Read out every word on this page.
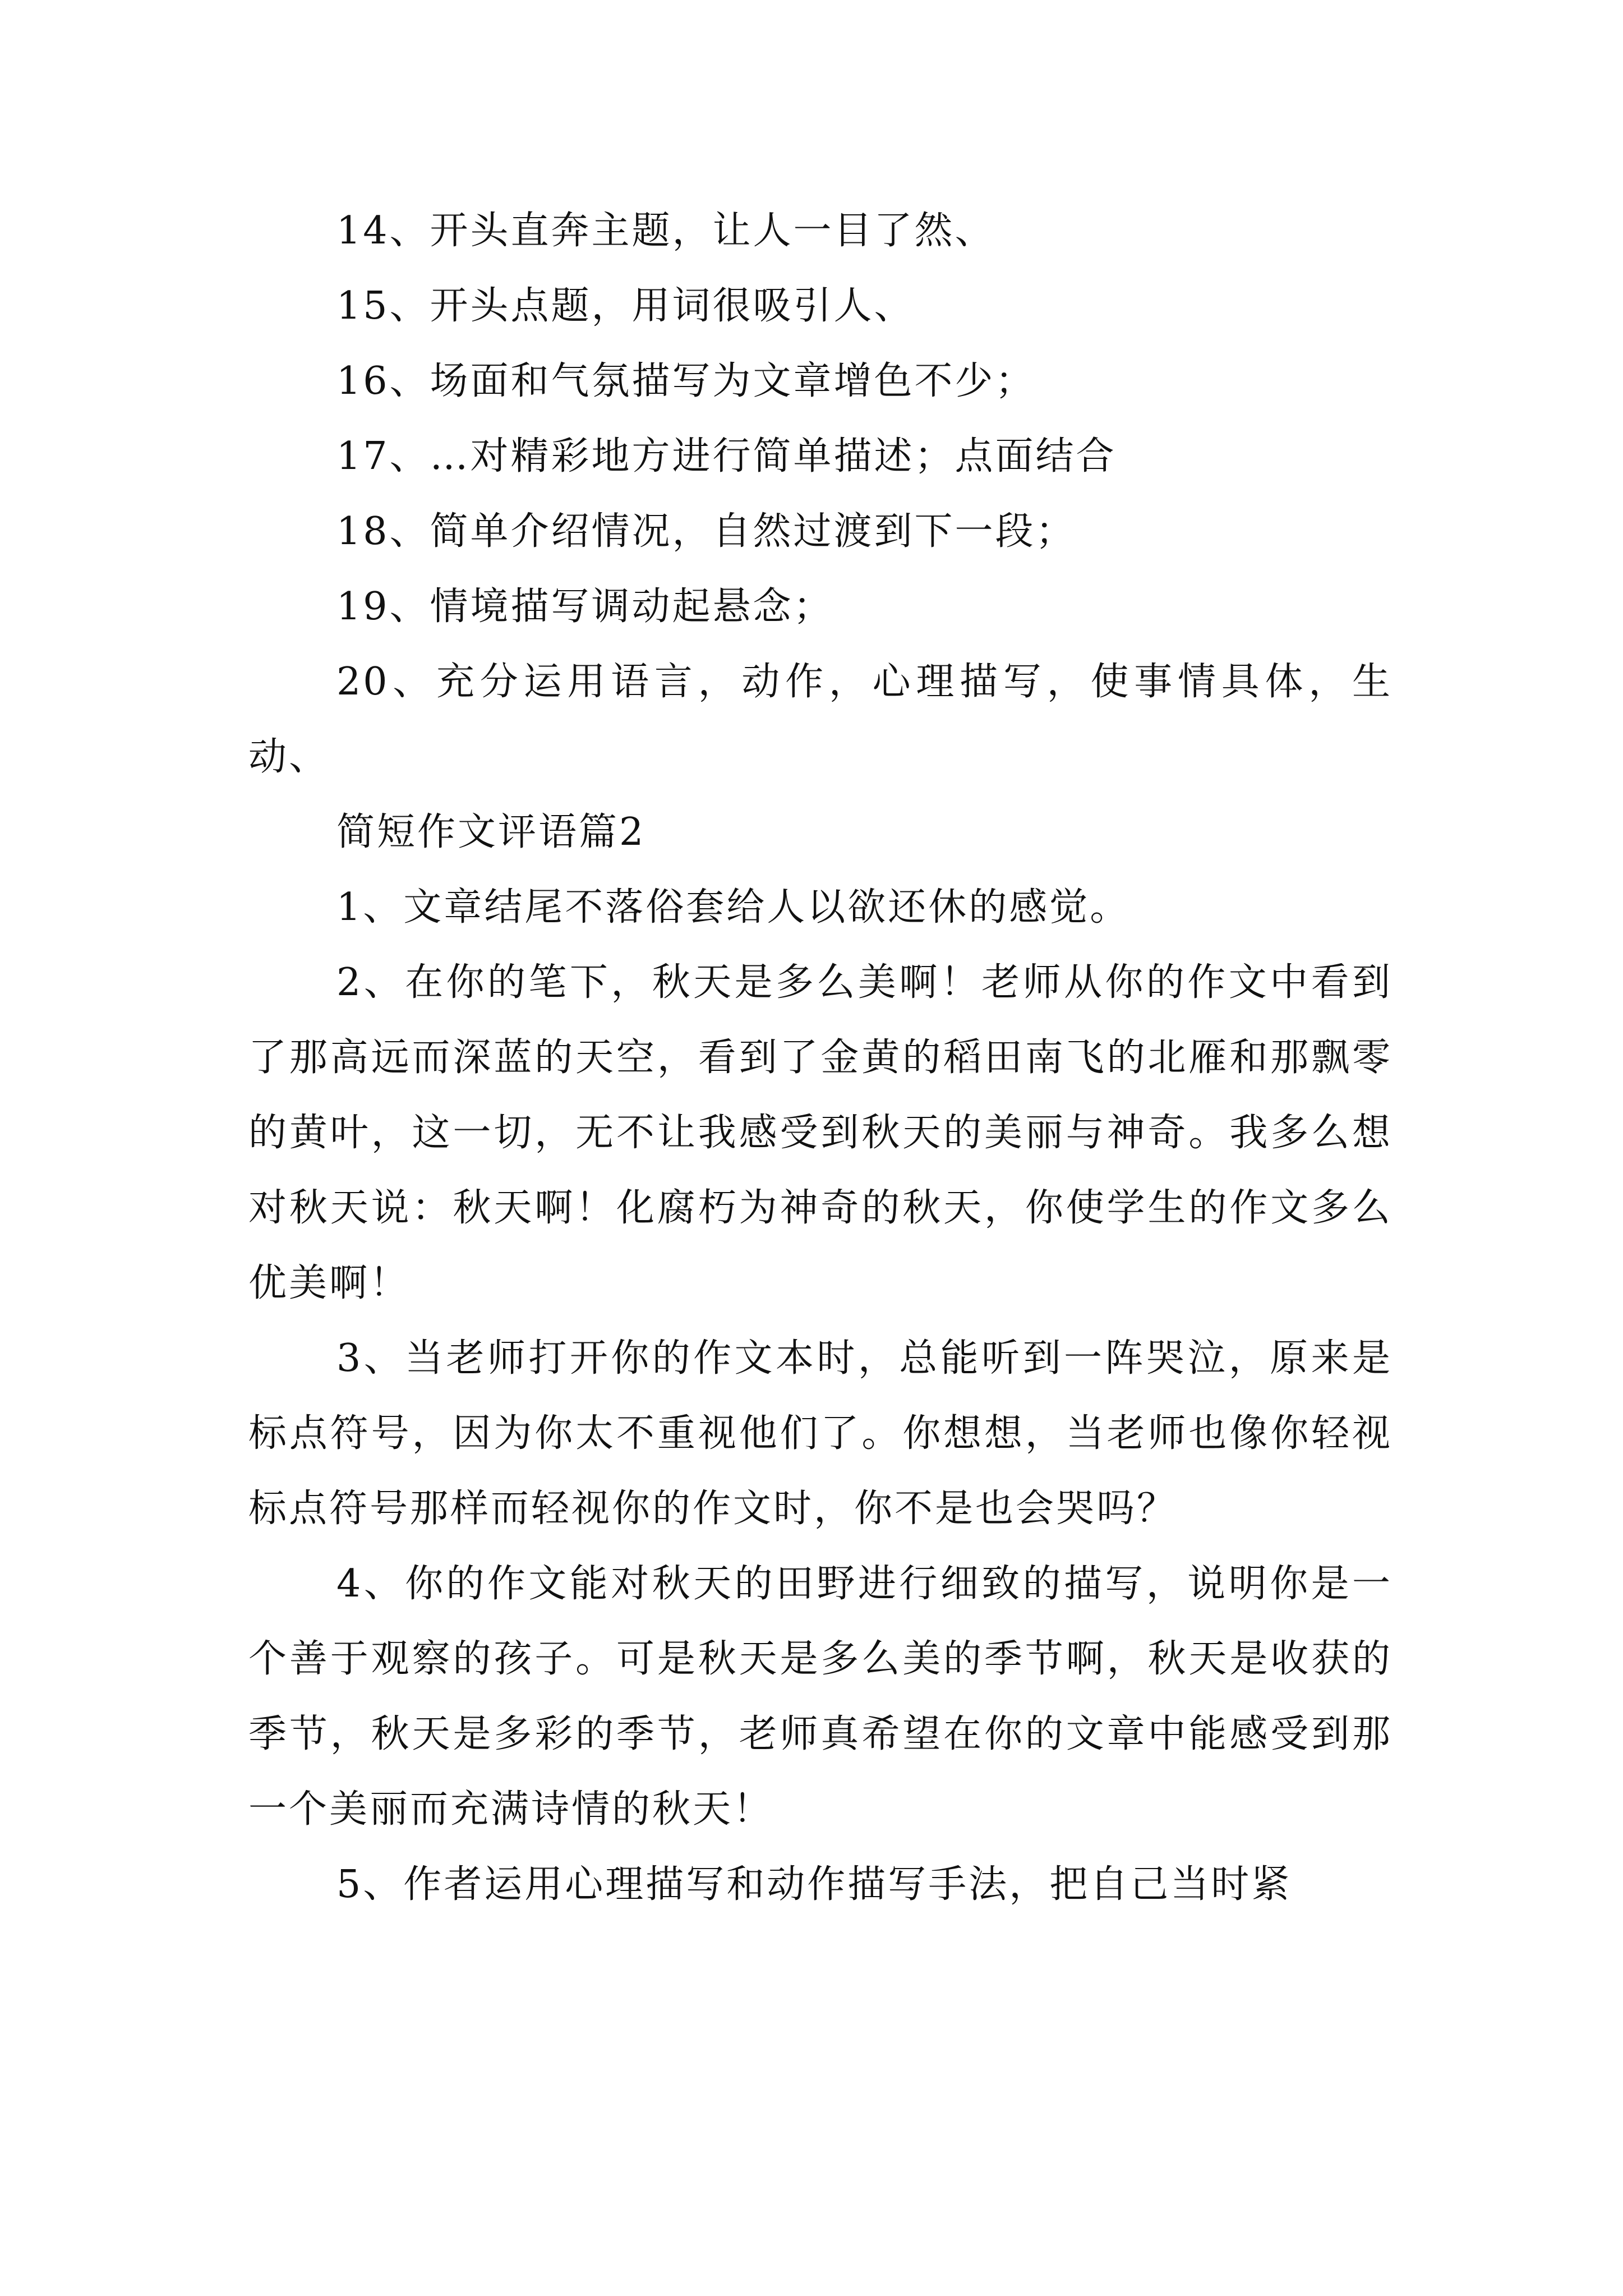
14、开头直奔主题，让人一目了然、

15、开头点题，用词很吸引人、

16、场面和气氛描写为文章增色不少；

17、…对精彩地方进行简单描述；点面结合

18、简单介绍情况，自然过渡到下一段；

19、情境描写调动起悬念；

20、充分运用语言，动作，心理描写，使事情具体，生动、

简短作文评语篇2

1、文章结尾不落俗套给人以欲还休的感觉。

2、在你的笔下，秋天是多么美啊！老师从你的作文中看到了那高远而深蓝的天空，看到了金黄的稻田南飞的北雁和那飘零的黄叶，这一切，无不让我感受到秋天的美丽与神奇。我多么想对秋天说：秋天啊！化腐朽为神奇的秋天，你使学生的作文多么优美啊！

3、当老师打开你的作文本时，总能听到一阵哭泣，原来是标点符号，因为你太不重视他们了。你想想，当老师也像你轻视标点符号那样而轻视你的作文时，你不是也会哭吗？

4、你的作文能对秋天的田野进行细致的描写，说明你是一个善于观察的孩子。可是秋天是多么美的季节啊，秋天是收获的季节，秋天是多彩的季节，老师真希望在你的文章中能感受到那一个美丽而充满诗情的秋天！

5、作者运用心理描写和动作描写手法，把自己当时紧
